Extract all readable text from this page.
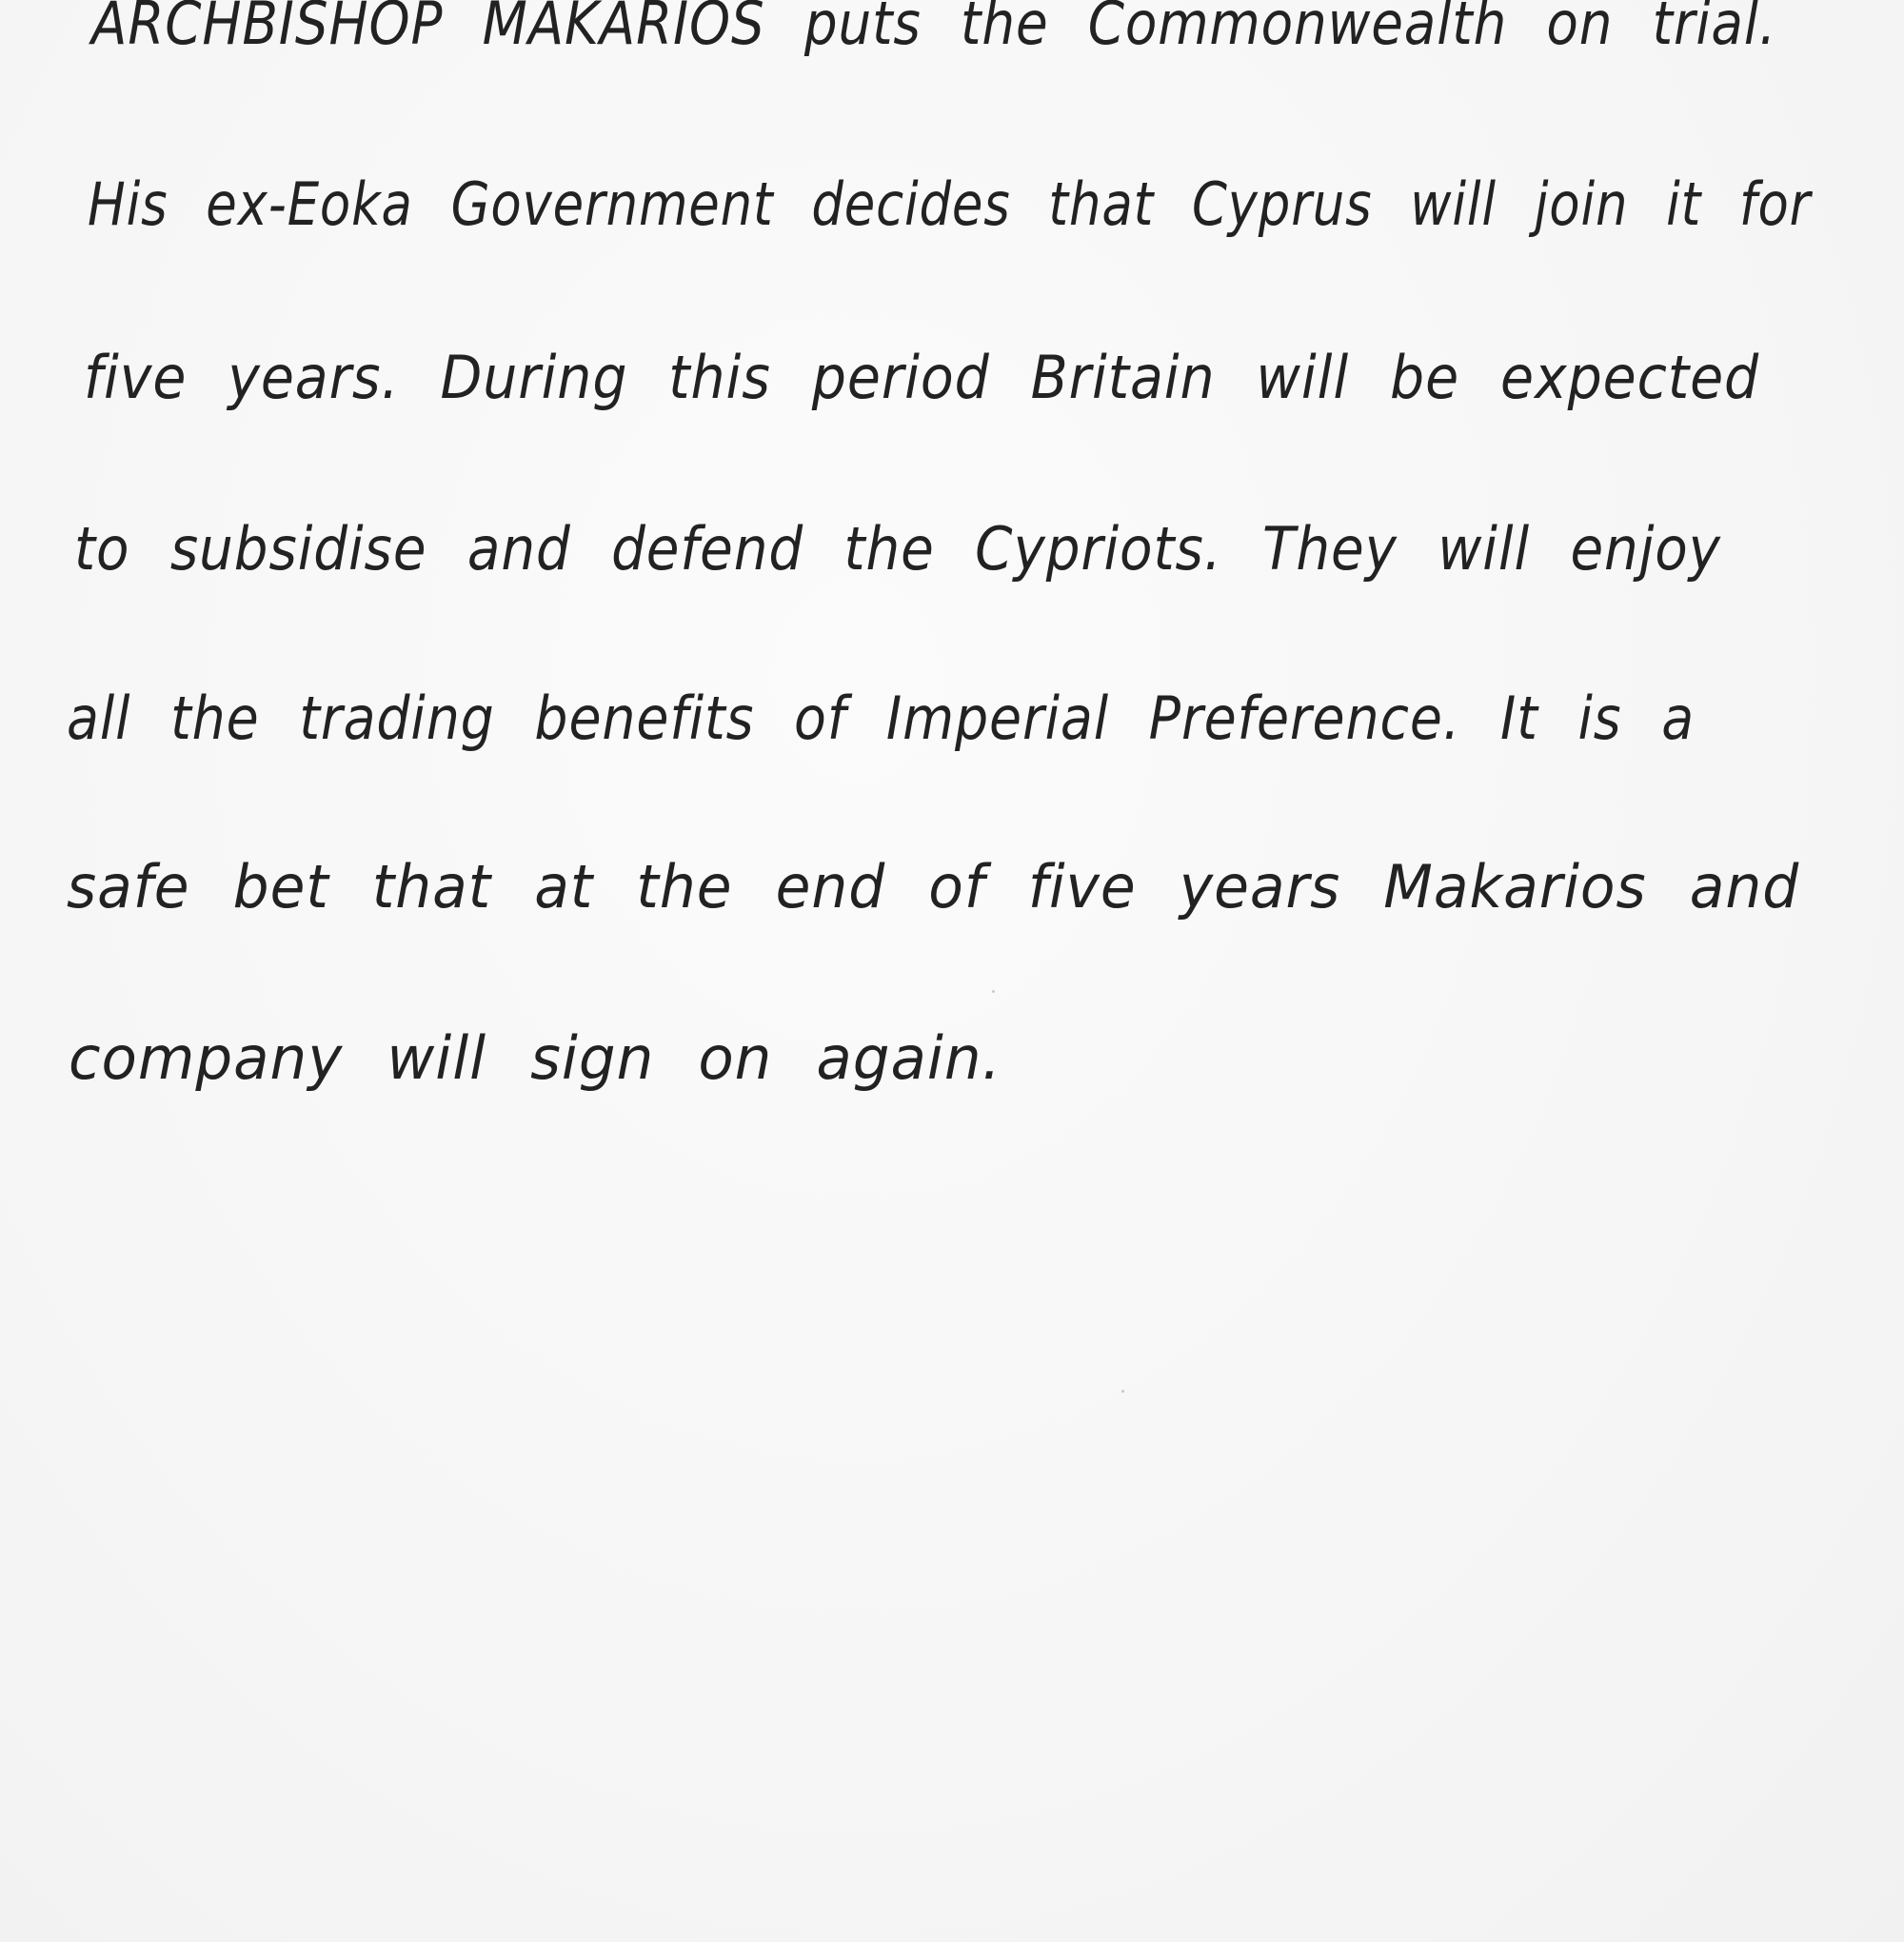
ARCHBISHOP MAKARIOS puts the Commonwealth on trial.
His ex-Eoka Government decides that Cyprus will join it for
five years. During this period Britain will be expected
to subsidise and defend the Cypriots. They will enjoy
all the trading benefits of Imperial Preference. It is a
safe bet that at the end of five years Makarios and
company will sign on again.
